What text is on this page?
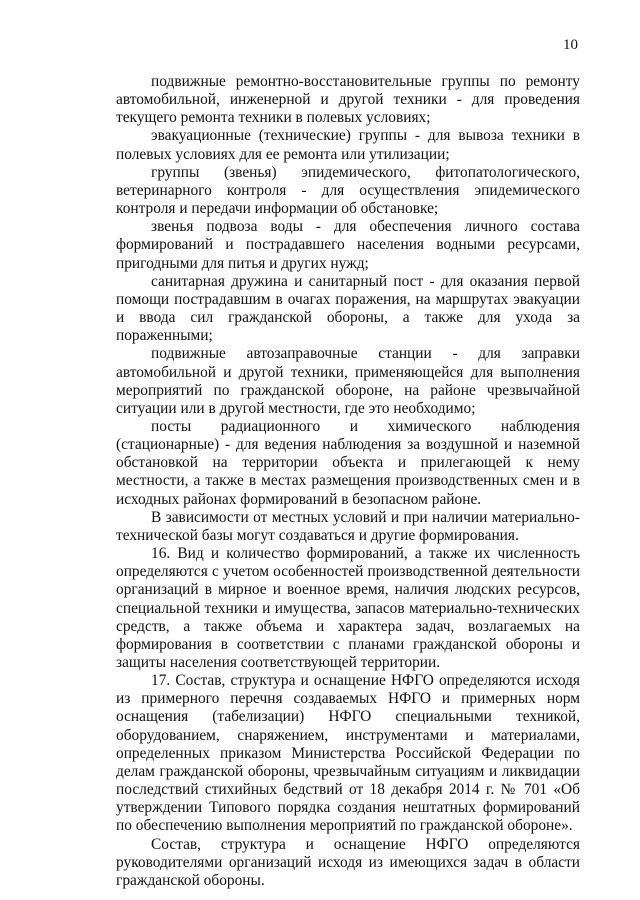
10

подвижные ремонтно-восстановительные группы по ремонту автомобильной, инженерной и другой техники - для проведения текущего ремонта техники в полевых условиях;

эвакуационные (технические) группы - для вывоза техники в полевых условиях для ее ремонта или утилизации;

группы (звенья) эпидемического, фитопатологического, ветеринарного контроля - для осуществления эпидемического контроля и передачи информации об обстановке;

звенья подвоза воды - для обеспечения личного состава формирований и пострадавшего населения водными ресурсами, пригодными для питья и других нужд;

санитарная дружина и санитарный пост - для оказания первой помощи пострадавшим в очагах поражения, на маршрутах эвакуации и ввода сил гражданской обороны, а также для ухода за пораженными;

подвижные автозаправочные станции - для заправки автомобильной и другой техники, применяющейся для выполнения мероприятий по гражданской обороне, на районе чрезвычайной ситуации или в другой местности, где это необходимо;

посты радиационного и химического наблюдения (стационарные) - для ведения наблюдения за воздушной и наземной обстановкой на территории объекта и прилегающей к нему местности, а также в местах размещения производственных смен и в исходных районах формирований в безопасном районе.

В зависимости от местных условий и при наличии материально-технической базы могут создаваться и другие формирования.

16. Вид и количество формирований, а также их численность определяются с учетом особенностей производственной деятельности организаций в мирное и военное время, наличия людских ресурсов, специальной техники и имущества, запасов материально-технических средств, а также объема и характера задач, возлагаемых на формирования в соответствии с планами гражданской обороны и защиты населения соответствующей территории.

17. Состав, структура и оснащение НФГО определяются исходя из примерного перечня создаваемых НФГО и примерных норм оснащения (табелизации) НФГО специальными техникой, оборудованием, снаряжением, инструментами и материалами, определенных приказом Министерства Российской Федерации по делам гражданской обороны, чрезвычайным ситуациям и ликвидации последствий стихийных бедствий от 18 декабря 2014 г. № 701 «Об утверждении Типового порядка создания нештатных формирований по обеспечению выполнения мероприятий по гражданской обороне».

Состав, структура и оснащение НФГО определяются руководителями организаций исходя из имеющихся задач в области гражданской обороны.
